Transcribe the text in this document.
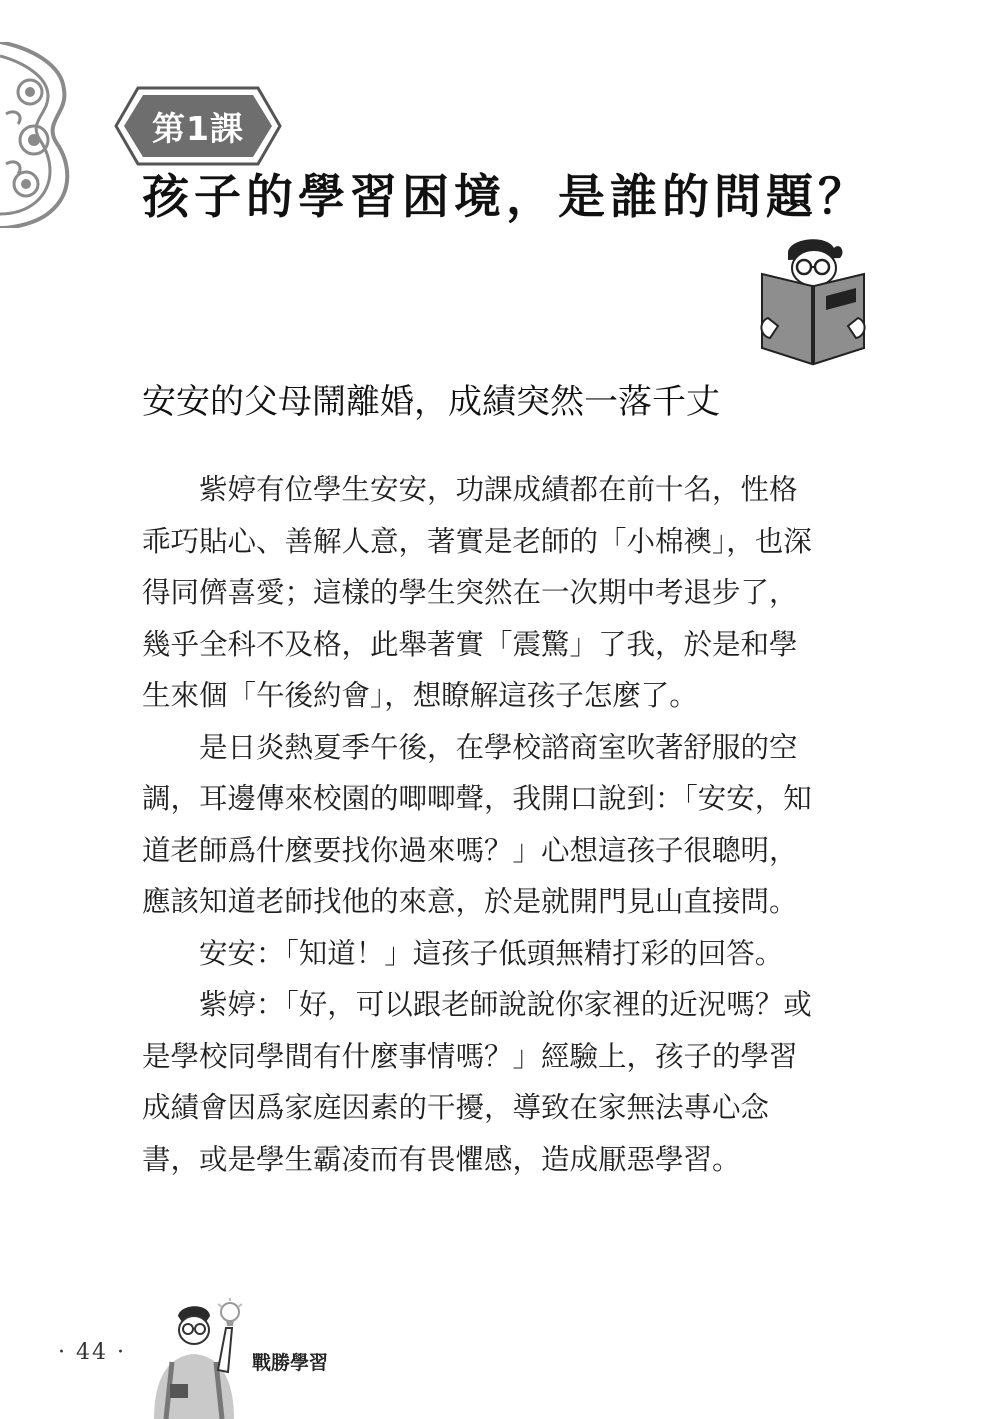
第1課
孩子的學習困境，是誰的問題？
安安的父母鬧離婚，成績突然一落千丈

紫婷有位學生安安，功課成績都在前十名，性格乖巧貼心、善解人意，著實是老師的「小棉襖」，也深得同儕喜愛；這樣的學生突然在一次期中考退步了，幾乎全科不及格，此舉著實「震驚」了我，於是和學生來個「午後約會」，想瞭解這孩子怎麼了。

是日炎熱夏季午後，在學校諮商室吹著舒服的空調，耳邊傳來校園的唧唧聲，我開口說到：「安安，知道老師爲什麼要找你過來嗎？」心想這孩子很聰明，應該知道老師找他的來意，於是就開門見山直接問。

安安：「知道！」這孩子低頭無精打彩的回答。

紫婷：「好，可以跟老師說說你家裡的近況嗎？或是學校同學間有什麼事情嗎？」經驗上，孩子的學習成績會因爲家庭因素的干擾，導致在家無法專心念書，或是學生霸凌而有畏懼感，造成厭惡學習。

· 44 ·	戰勝學習
